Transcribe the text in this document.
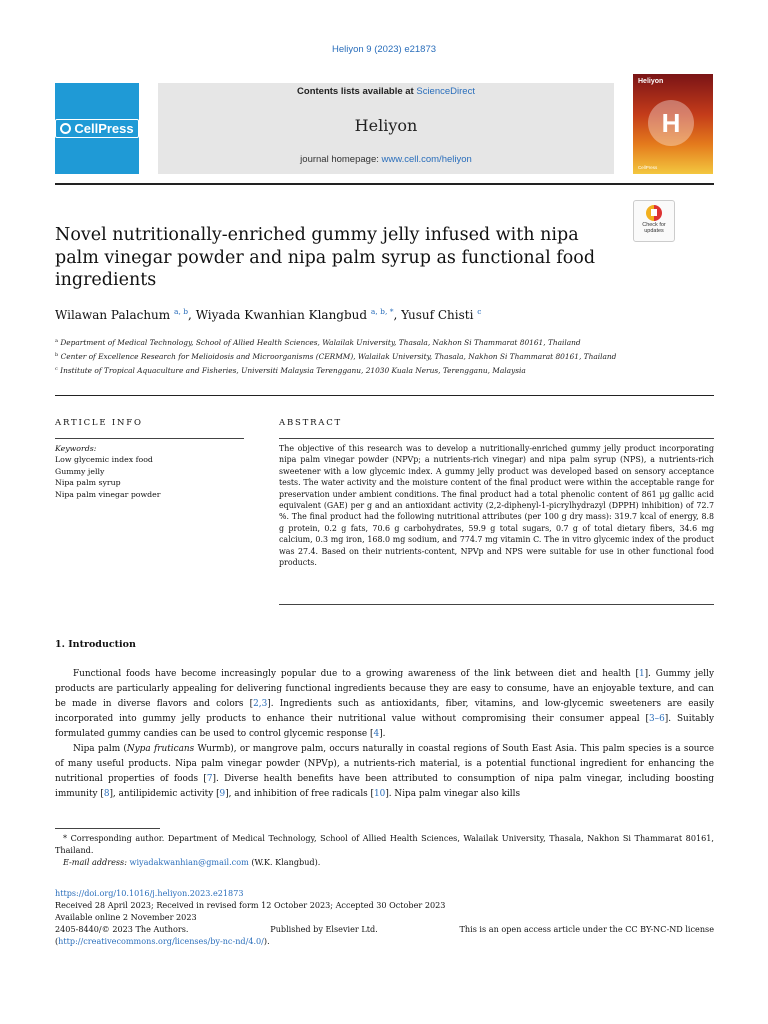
Heliyon 9 (2023) e21873
CellPress
Contents lists available at ScienceDirect
Heliyon
journal homepage: www.cell.com/heliyon
Heliyon
H
CellPress
Check for
updates
Novel nutritionally-enriched gummy jelly infused with nipa palm vinegar powder and nipa palm syrup as functional food ingredients
Wilawan Palachum $^{a, b}$, Wiyada Kwanhian Klangbud $^{a, b, *}$, Yusuf Chisti $^c$
$^a$ Department of Medical Technology, School of Allied Health Sciences, Walailak University, Thasala, Nakhon Si Thammarat 80161, Thailand
$^b$ Center of Excellence Research for Melioidosis and Microorganisms (CERMM), Walailak University, Thasala, Nakhon Si Thammarat 80161, Thailand
$^c$ Institute of Tropical Aquaculture and Fisheries, Universiti Malaysia Terengganu, 21030 Kuala Nerus, Terengganu, Malaysia
ARTICLE INFO
Keywords:
Low glycemic index food
Gummy jelly
Nipa palm syrup
Nipa palm vinegar powder
ABSTRACT

The objective of this research was to develop a nutritionally-enriched gummy jelly product incorporating nipa palm vinegar powder (NPVp; a nutrients-rich vinegar) and nipa palm syrup (NPS), a nutrients-rich sweetener with a low glycemic index. A gummy jelly product was developed based on sensory acceptance tests. The water activity and the moisture content of the final product were within the acceptable range for preservation under ambient conditions. The final product had a total phenolic content of 861 µg gallic acid equivalent (GAE) per g and an antioxidant activity (2,2-diphenyl-1-picrylhydrazyl (DPPH) inhibition) of 72.7 %. The final product had the following nutritional attributes (per 100 g dry mass): 319.7 kcal of energy, 8.8 g protein, 0.2 g fats, 70.6 g carbohydrates, 59.9 g total sugars, 0.7 g of total dietary fibers, 34.6 mg calcium, 0.3 mg iron, 168.0 mg sodium, and 774.7 mg vitamin C. The in vitro glycemic index of the product was 27.4. Based on their nutrients-content, NPVp and NPS were suitable for use in other functional food products.

1. Introduction

Functional foods have become increasingly popular due to a growing awareness of the link between diet and health [1]. Gummy jelly products are particularly appealing for delivering functional ingredients because they are easy to consume, have an enjoyable texture, and can be made in diverse flavors and colors [2,3]. Ingredients such as antioxidants, fiber, vitamins, and low-glycemic sweeteners are easily incorporated into gummy jelly products to enhance their nutritional value without compromising their consumer appeal [3–6]. Suitably formulated gummy candies can be used to control glycemic response [4].

Nipa palm (Nypa fruticans Wurmb), or mangrove palm, occurs naturally in coastal regions of South East Asia. This palm species is a source of many useful products. Nipa palm vinegar powder (NPVp), a nutrients-rich material, is a potential functional ingredient for enhancing the nutritional properties of foods [7]. Diverse health benefits have been attributed to consumption of nipa palm vinegar, including boosting immunity [8], antilipidemic activity [9], and inhibition of free radicals [10]. Nipa palm vinegar also kills

* Corresponding author. Department of Medical Technology, School of Allied Health Sciences, Walailak University, Thasala, Nakhon Si Thammarat 80161, Thailand.

E-mail address: wiyadakwanhian@gmail.com (W.K. Klangbud).

https://doi.org/10.1016/j.heliyon.2023.e21873
Received 28 April 2023; Received in revised form 12 October 2023; Accepted 30 October 2023
Available online 2 November 2023
2405-8440/© 2023 The Authors.	Published by Elsevier Ltd.	This is an open access article under the CC BY-NC-ND license
(http://creativecommons.org/licenses/by-nc-nd/4.0/).
